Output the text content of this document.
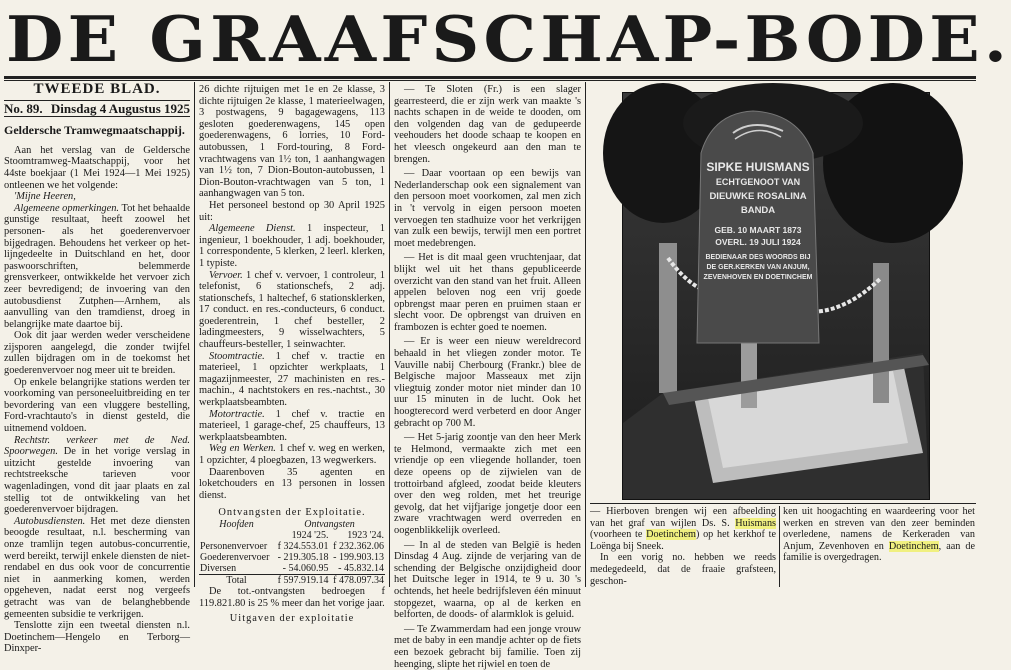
DE GRAAFSCHAP-BODE.
TWEEDE BLAD.
No. 89. Dinsdag 4 Augustus 1925
Geldersche Tramwegmaatschappij.

Aan het verslag van de Geldersche Stoomtramweg-Maatschappij, voor het 44ste boekjaar (1 Mei 1924—1 Mei 1925) ontleenen we het volgende:

'Mijne Heeren,

Algemeene opmerkingen. Tot het behaalde gunstige resultaat, heeft zoowel het personen- als het goederenvervoer bijgedragen. Behoudens het verkeer op het-lijngedeelte in Duitschland en het, door paswoorschriften, belemmerde grensverkeer, ontwikkelde het vervoer zich zeer bevredigend; de invoering van den autobusdienst Zutphen—Arnhem, als aanvulling van den tramdienst, droeg in belangrijke mate daartoe bij.

Ook dit jaar werden weder verscheidene zijsporen aangelegd, die zonder twijfel zullen bijdragen om in de toekomst het goederenvervoer nog meer uit te breiden.

Op enkele belangrijke stations werden ter voorkoming van personeeluitbreiding en ter bevordering van een vluggere bestelling, Ford-vrachtauto's in dienst gesteld, die uitnemend voldoen.

Rechtstr. verkeer met de Ned. Spoorwegen. De in het vorige verslag in uitzicht gestelde invoering van rechtstreeksche tarieven voor wagenladingen, vond dit jaar plaats en zal stellig tot de ontwikkeling van het goederenvervoer bijdragen.

Autobusdiensten. Het met deze diensten beoogde resultaat, n.l. bescherming van onze tramlijn tegen autobus-concurrentie, werd bereikt, terwijl enkele diensten de niet-rendabel en dus ook voor de concurrentie niet in aanmerking komen, werden opgeheven, nadat eerst nog vergeefs getracht was van de belanghebbende gemeenten subsidie te verkrijgen.

Tenslotte zijn een tweetal diensten n.l. Doetinchem—Hengelo en Terborg—Dinxper-

26 dichte rijtuigen met 1e en 2e klasse, 3 dichte rijtuigen 2e klasse, 1 materieelwagen, 3 postwagens, 9 bagagewagens, 113 gesloten goederenwagens, 145 open goederenwagens, 6 lorries, 10 Ford-autobussen, 1 Ford-touring, 8 Ford-vrachtwagens van 1½ ton, 1 aanhangwagen van 1½ ton, 7 Dion-Bouton-autobussen, 1 Dion-Bouton-vrachtwagen van 5 ton, 1 aanhangwagen van 5 ton.

Het personeel bestond op 30 April 1925 uit:

Algemeene Dienst. 1 inspecteur, 1 ingenieur, 1 boekhouder, 1 adj. boekhouder, 1 correspondente, 5 klerken, 2 leerl. klerken, 1 typiste.

Vervoer. 1 chef v. vervoer, 1 controleur, 1 telefonist, 6 stationschefs, 2 adj. stationschefs, 1 haltechef, 6 stationsklerken, 17 conduct. en res.-conducteurs, 6 conduct. goederentrein, 1 chef besteller, 2 ladingmeesters, 9 wisselwachters, 5 chauffeurs-besteller, 1 seinwachter.

Stoomtractie. 1 chef v. tractie en materieel, 1 opzichter werkplaats, 1 magazijnmeester, 27 machinisten en res.-machin., 4 nachtstokers en res.-nachtst., 30 werkplaatsbeambten.

Motortractie. 1 chef v. tractie en materieel, 1 garage-chef, 25 chauffeurs, 13 werkplaatsbeambten.

Weg en Werken. 1 chef v. weg en werken, 1 opzichter, 4 ploegbazen, 13 wegwerkers.

Daarenboven 35 agenten en loketchouders en 13 personen in lossen dienst.

Ontvangsten der Exploitatie.

Hoofden	Ontvangsten	
	1924 '25.	1923 '24.
Personenvervoer	f 324.553.01	f 232.362.06
Goederenvervoer	- 219.305.18	- 199.903.13
Diversen	- 54.060.95	- 45.832.14
Total	f 597.919.14	f 478.097.34

De tot.-ontvangsten bedroegen f 119.821.80 is 25 % meer dan het vorige jaar.

Uitgaven der exploitatie

— Te Sloten (Fr.) is een slager gearresteerd, die er zijn werk van maakte 's nachts schapen in de weide te dooden, om den volgenden dag van de gedupeerde veehouders het doode schaap te koopen en het vleesch ongekeurd aan den man te brengen.

— Daar voortaan op een bewijs van Nederlanderschap ook een signalement van den persoon moet voorkomen, zal men zich in 't vervolg in eigen persoon moeten vervoegen ten stadhuize voor het verkrijgen van zulk een bewijs, terwijl men een portret moet medebrengen.

— Het is dit maal geen vruchtenjaar, dat blijkt wel uit het thans gepubliceerde overzicht van den stand van het fruit. Alleen appelen beloven nog een vrij goede opbrengst maar peren en pruimen staan er slecht voor. De opbrengst van druiven en frambozen is echter goed te noemen.

— Er is weer een nieuw wereldrecord behaald in het vliegen zonder motor. Te Vauville nabij Cherbourg (Frankr.) blee de Belgische majoor Masseaux met zijn vliegtuig zonder motor niet minder dan 10 uur 15 minuten in de lucht. Ook het hoogterecord werd verbeterd en door Anger gebracht op 700 M.

— Het 5-jarig zoontje van den heer Merk te Helmond, vermaakte zich met een vriendje op een vliegende hollander, toen deze opeens op de zijwielen van de trottoirband afgleed, zoodat beide kleuters over den weg rolden, met het treurige gevolg, dat het vijfjarige jongetje door een zware vrachtwagen werd overreden en oogenblikkelijk overleed.

— In al de steden van België is heden Dinsdag 4 Aug. zijnde de verjaring van de schending der Belgische onzijdigheid door het Duitsche leger in 1914, te 9 u. 30 's ochtends, het heele bedrijfsleven één minuut stopgezet, waarna, op al de kerken en belforten, de doods- of alarmklok is geluid.

— Te Zwammerdam had een jonge vrouw met de baby in een mandje achter op de fiets een bezoek gebracht bij familie. Toen zij heenging, slipte het rijwiel en toen de

SIPKE HUISMANS
ECHTGENOOT VAN
DIEUWKE ROSALINA
BANDA
GEB. 10 MAART 1873
OVERL. 19 JULI 1924
BEDIENAAR DES WOORDS BIJ
DE GER.KERKEN VAN ANJUM,
ZEVENHOVEN EN DOETINCHEM
— Hierboven brengen wij een afbeelding van het graf van wijlen Ds. S. Huismans (voorheen te Doetinchem) op het kerkhof te Loënga bij Sneek.
In een vorig no. hebben we reeds medegedeeld, dat de fraaie grafsteen, geschon-
ken uit hoogachting en waardeering voor het werken en streven van den zeer beminden overledene, namens de Kerkeraden van Anjum, Zevenhoven en Doetinchem, aan de familie is overgedragen.
